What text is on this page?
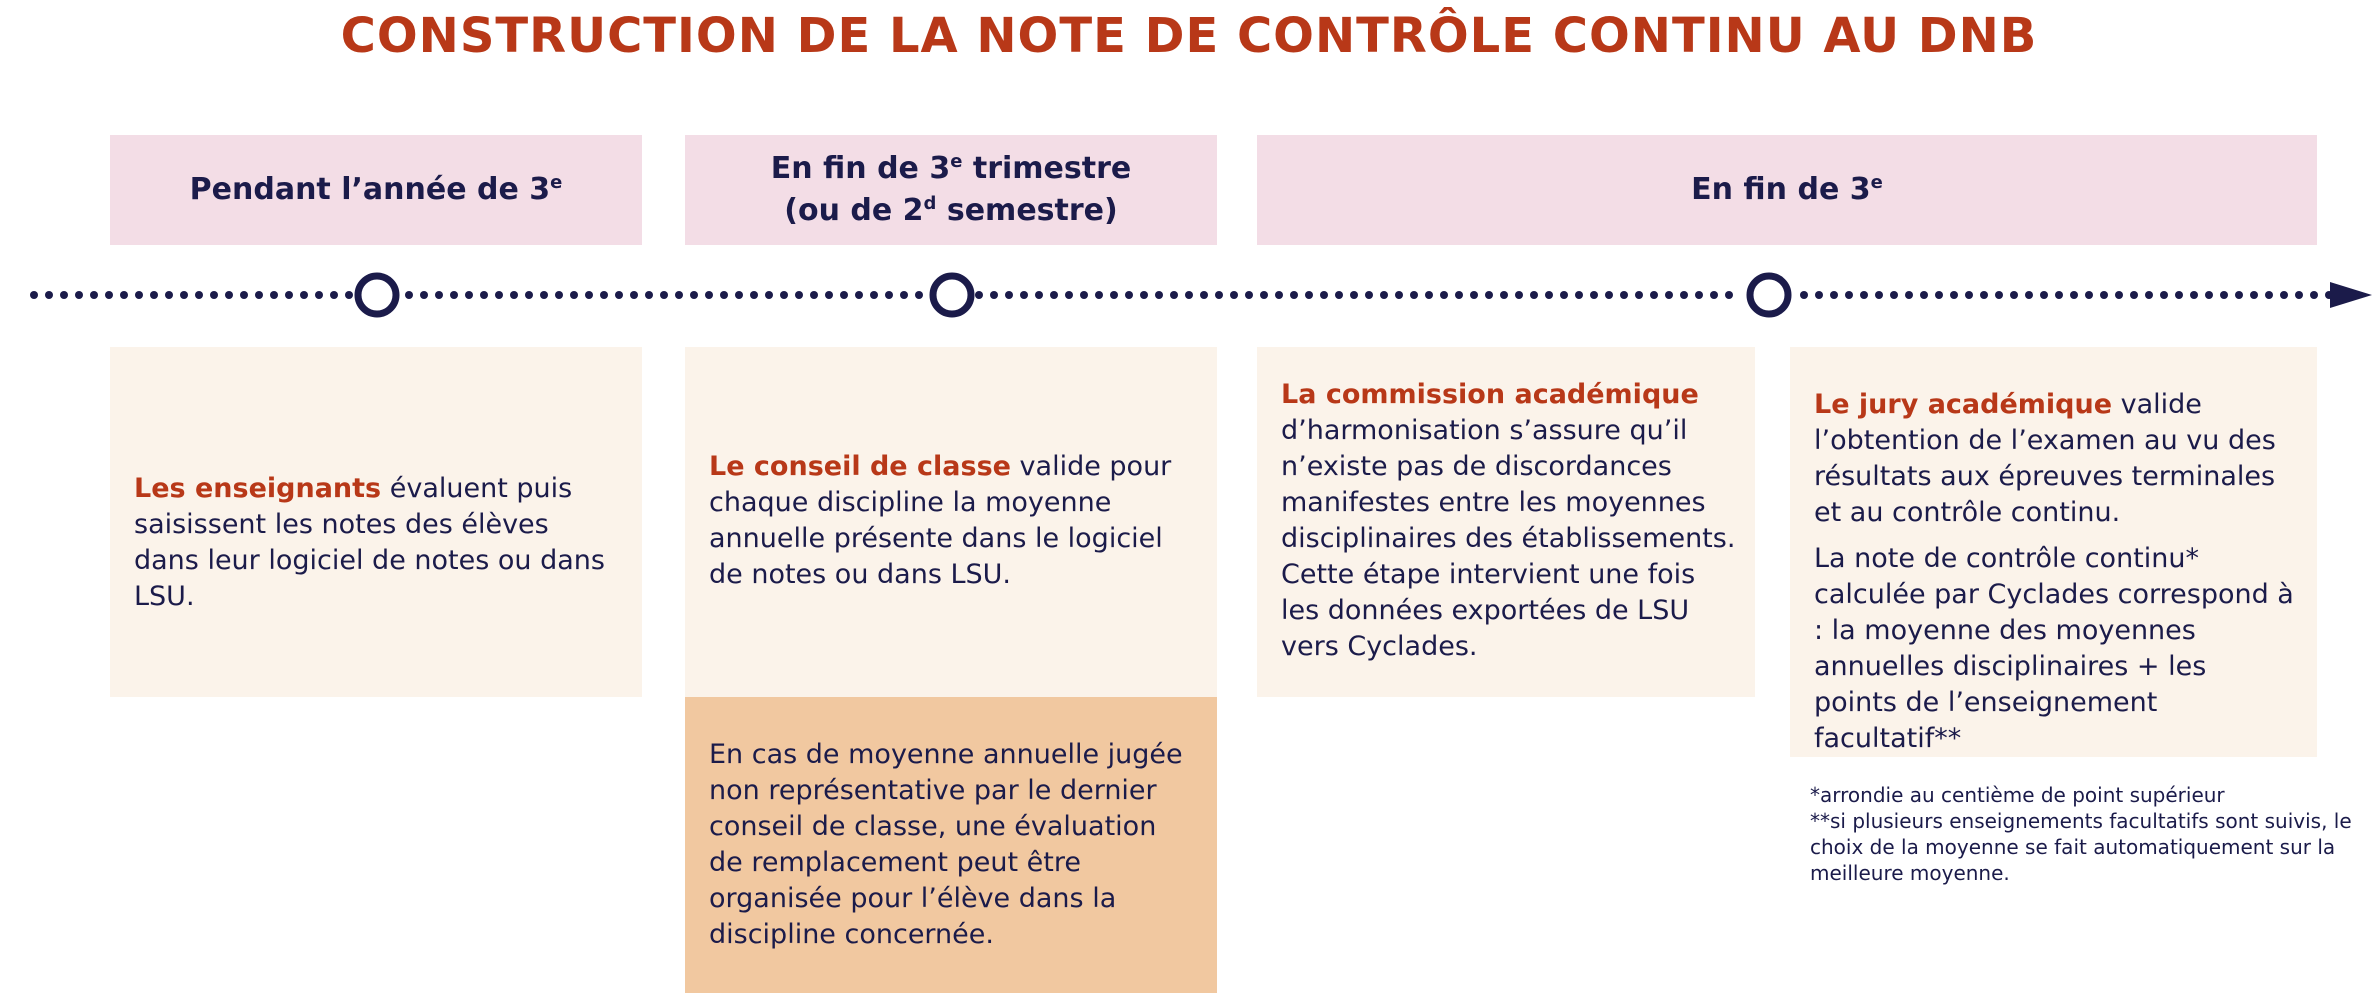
CONSTRUCTION DE LA NOTE DE CONTRÔLE CONTINU AU DNB
Pendant l’année de 3e	En fin de 3e trimestre
(ou de 2$^d$ semestre)
En fin de 3e

Les enseignants évaluent puis saisissent les notes des élèves dans leur logiciel de notes ou dans LSU.

Le conseil de classe valide pour chaque discipline la moyenne annuelle présente dans le logiciel de notes ou dans LSU.

En cas de moyenne annuelle jugée non représentative par le dernier conseil de classe, une évaluation de remplacement peut être organisée pour l’élève dans la discipline concernée.

La commission académique d’harmonisation s’assure qu’il n’existe pas de discordances manifestes entre les moyennes disciplinaires des établissements. Cette étape intervient une fois les données exportées de LSU vers Cyclades.

Le jury académique valide l’obtention de l’examen au vu des résultats aux épreuves terminales et au contrôle continu.

La note de contrôle continu* calculée par Cyclades correspond à : la moyenne des moyennes annuelles disciplinaires + les points de l’enseignement facultatif**

*arrondie au centième de point supérieur

**si plusieurs enseignements facultatifs sont suivis, le choix de la moyenne se fait automatiquement sur la meilleure moyenne.
